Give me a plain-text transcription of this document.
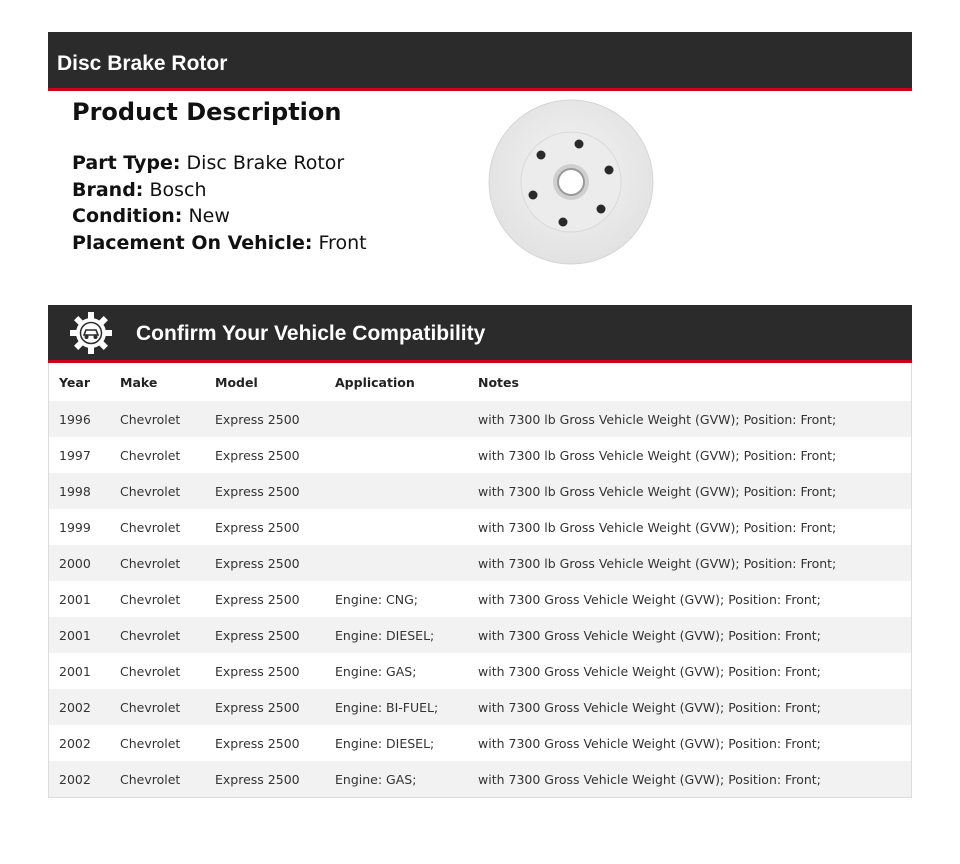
Disc Brake Rotor
Product Description
Part Type: Disc Brake Rotor
Brand: Bosch
Condition: New
Placement On Vehicle: Front
Confirm Your Vehicle Compatibility
Year	Make	Model	Application	Notes
1996	Chevrolet	Express 2500		with 7300 lb Gross Vehicle Weight (GVW); Position: Front;
1997	Chevrolet	Express 2500		with 7300 lb Gross Vehicle Weight (GVW); Position: Front;
1998	Chevrolet	Express 2500		with 7300 lb Gross Vehicle Weight (GVW); Position: Front;
1999	Chevrolet	Express 2500		with 7300 lb Gross Vehicle Weight (GVW); Position: Front;
2000	Chevrolet	Express 2500		with 7300 lb Gross Vehicle Weight (GVW); Position: Front;
2001	Chevrolet	Express 2500	Engine: CNG;	with 7300 Gross Vehicle Weight (GVW); Position: Front;
2001	Chevrolet	Express 2500	Engine: DIESEL;	with 7300 Gross Vehicle Weight (GVW); Position: Front;
2001	Chevrolet	Express 2500	Engine: GAS;	with 7300 Gross Vehicle Weight (GVW); Position: Front;
2002	Chevrolet	Express 2500	Engine: BI-FUEL;	with 7300 Gross Vehicle Weight (GVW); Position: Front;
2002	Chevrolet	Express 2500	Engine: DIESEL;	with 7300 Gross Vehicle Weight (GVW); Position: Front;
2002	Chevrolet	Express 2500	Engine: GAS;	with 7300 Gross Vehicle Weight (GVW); Position: Front;
